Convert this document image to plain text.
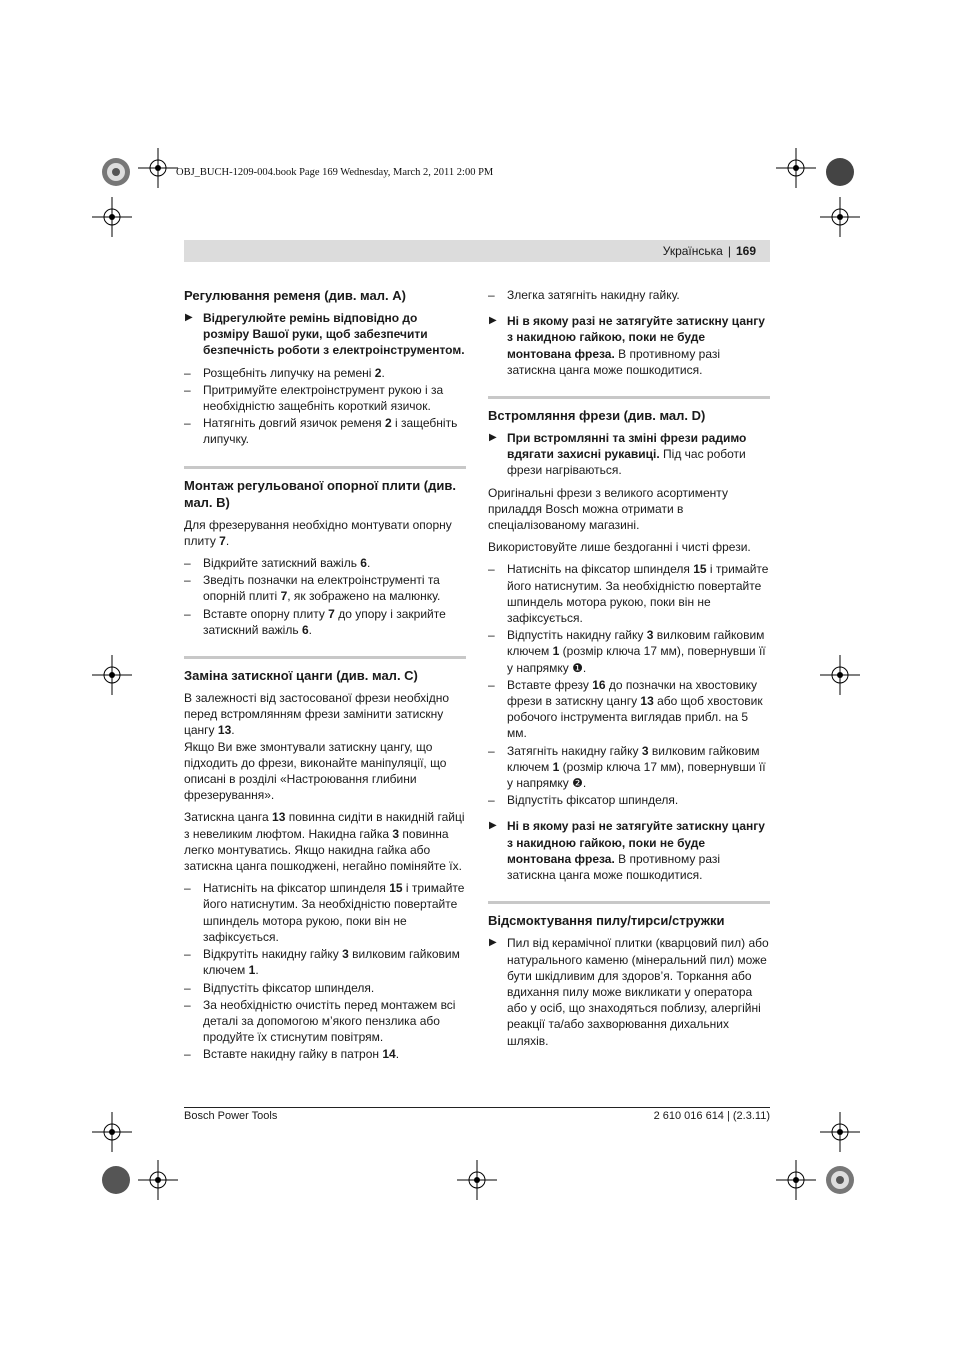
OBJ_BUCH-1209-004.book Page 169 Wednesday, March 2, 2011 2:00 PM
Українська | 169
Регулювання ременя (див. мал. А)
▶ Відрегулюйте ремінь відповідно до розміру Вашої руки, щоб забезпечити безпечність роботи з електроінструментом.
– Розщебніть липучку на ремені 2.
– Притримуйте електроінструмент рукою і за необхідністю защебніть короткий язичок.
– Натягніть довгий язичок ременя 2 і защебніть липучку.
Монтаж регульованої опорної плити (див. мал. B)

Для фрезерування необхідно монтувати опорну плиту 7.

– Відкрийте затискний важіль 6.
– Зведіть позначки на електроінструменті та опорній плиті 7, як зображено на малюнку.
– Вставте опорну плиту 7 до упору і закрийте затискний важіль 6.
Заміна затискної цанги (див. мал. C)

В залежності від застосованої фрези необхідно перед встромлянням фрези замінити затискну цангу 13.

Якщо Ви вже змонтували затискну цангу, що підходить до фрези, виконайте маніпуляції, що описані в розділі «Настроювання глибини фрезерування».

Затискна цанга 13 повинна сидіти в накидній гайці з невеликим люфтом. Накидна гайка 3 повинна легко монтуватись. Якщо накидна гайка або затискна цанга пошкоджені, негайно поміняйте їх.

– Натисніть на фіксатор шпинделя 15 і тримайте його натиснутим. За необхідністю повертайте шпиндель мотора рукою, поки він не зафіксується.
– Відкрутіть накидну гайку 3 вилковим гайковим ключем 1.
– Відпустіть фіксатор шпинделя.
– За необхідністю очистіть перед монтажем всі деталі за допомогою м’якого пензлика або продуйте їх стиснутим повітрям.
– Вставте накидну гайку в патрон 14.
– Злегка затягніть накидну гайку.
▶ Ні в якому разі не затягуйте затискну цангу з накидною гайкою, поки не буде монтована фреза. В противному разі затискна цанга може пошкодитися.
Встромляння фрези (див. мал. D)
▶ При встромлянні та зміні фрези радимо вдягати захисні рукавиці. Під час роботи фрези нагріваються.

Оригінальні фрези з великого асортименту приладдя Bosch можна отримати в спеціалізованому магазині.

Використовуйте лише бездоганні і чисті фрези.

– Натисніть на фіксатор шпинделя 15 і тримайте його натиснутим. За необхідністю повертайте шпиндель мотора рукою, поки він не зафіксується.
– Відпустіть накидну гайку 3 вилковим гайковим ключем 1 (розмір ключа 17 мм), повернувши її у напрямку ❶.
– Вставте фрезу 16 до позначки на хвостовику фрези в затискну цангу 13 або щоб хвостовик робочого інструмента виглядав прибл. на 5 мм.
– Затягніть накидну гайку 3 вилковим гайковим ключем 1 (розмір ключа 17 мм), повернувши її у напрямку ❷.
– Відпустіть фіксатор шпинделя.
▶ Ні в якому разі не затягуйте затискну цангу з накидною гайкою, поки не буде монтована фреза. В противному разі затискна цанга може пошкодитися.
Відсмоктування пилу/тирси/стружки
▶ Пил від керамічної плитки (кварцовий пил) або натурального каменю (мінеральний пил) може бути шкідливим для здоров’я. Торкання або вдихання пилу може викликати у оператора або у осіб, що знаходяться поблизу, алергійні реакції та/або захворювання дихальних шляхів.
Bosch Power Tools	2 610 016 614 | (2.3.11)
